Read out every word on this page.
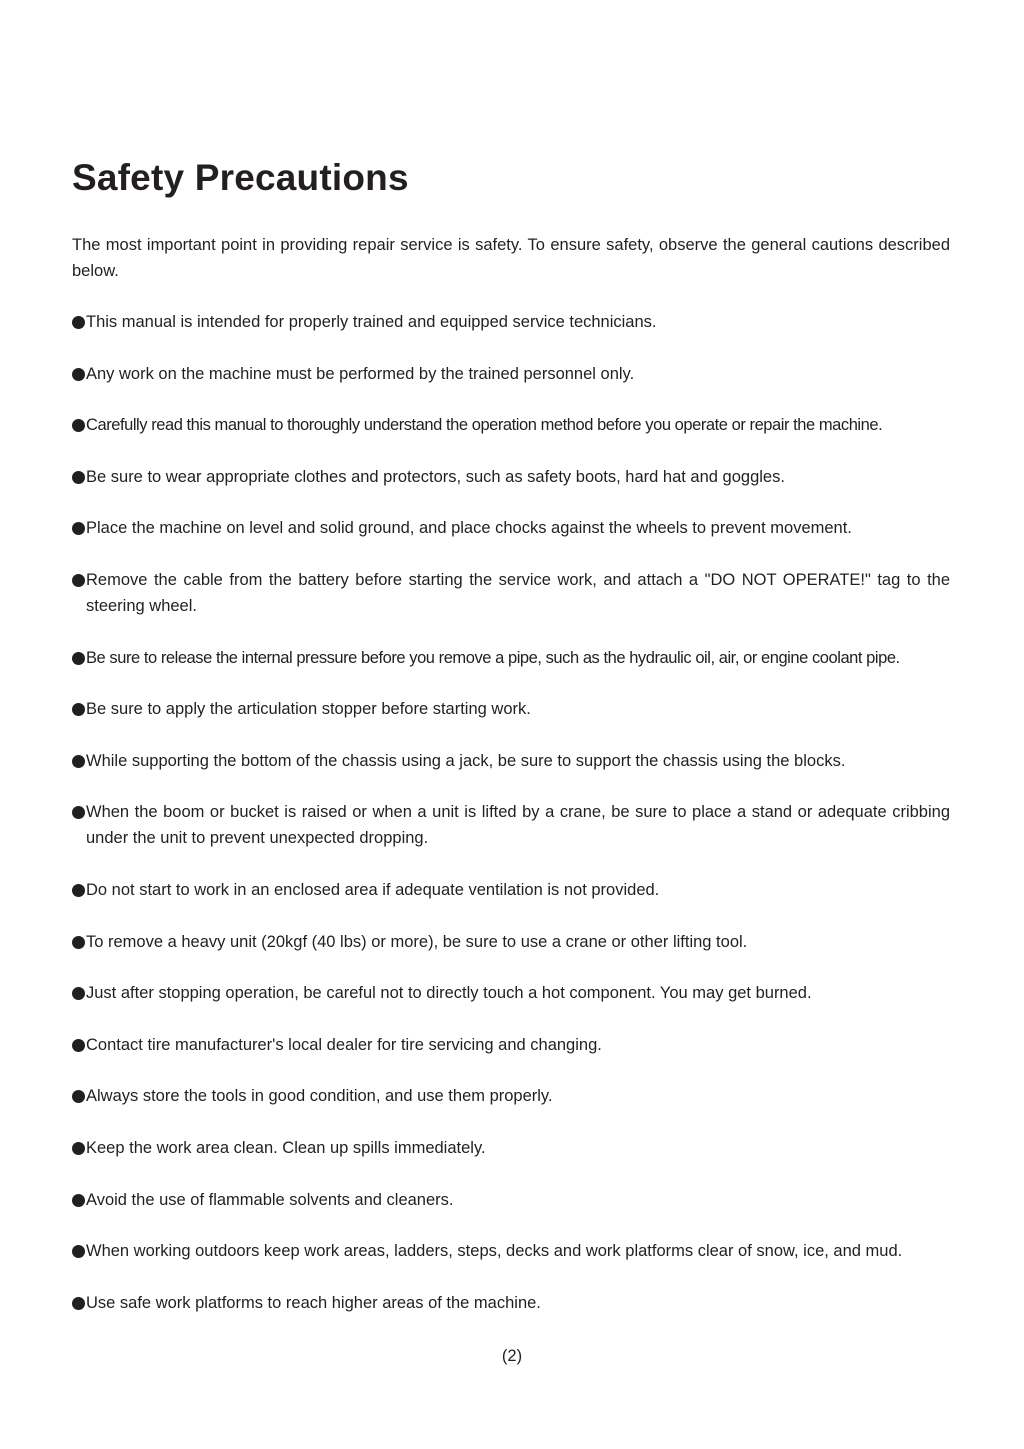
Safety Precautions

The most important point in providing repair service is safety. To ensure safety, observe the general cautions described below.

This manual is intended for properly trained and equipped service technicians.
Any work on the machine must be performed by the trained personnel only.
Carefully read this manual to thoroughly understand the operation method before you operate or repair the machine.
Be sure to wear appropriate clothes and protectors, such as safety boots, hard hat and goggles.
Place the machine on level and solid ground, and place chocks against the wheels to prevent movement.
Remove the cable from the battery before starting the service work, and attach a "DO NOT OPERATE!" tag to the steering wheel.
Be sure to release the internal pressure before you remove a pipe, such as the hydraulic oil, air, or engine coolant pipe.
Be sure to apply the articulation stopper before starting work.
While supporting the bottom of the chassis using a jack, be sure to support the chassis using the blocks.
When the boom or bucket is raised or when a unit is lifted by a crane, be sure to place a stand or adequate cribbing under the unit to prevent unexpected dropping.
Do not start to work in an enclosed area if adequate ventilation is not provided.
To remove a heavy unit (20kgf (40 lbs) or more), be sure to use a crane or other lifting tool.
Just after stopping operation, be careful not to directly touch a hot component. You may get burned.
Contact tire manufacturer's local dealer for tire servicing and changing.
Always store the tools in good condition, and use them properly.
Keep the work area clean. Clean up spills immediately.
Avoid the use of flammable solvents and cleaners.
When working outdoors keep work areas, ladders, steps, decks and work platforms clear of snow, ice, and mud.
Use safe work platforms to reach higher areas of the machine.
(2)
